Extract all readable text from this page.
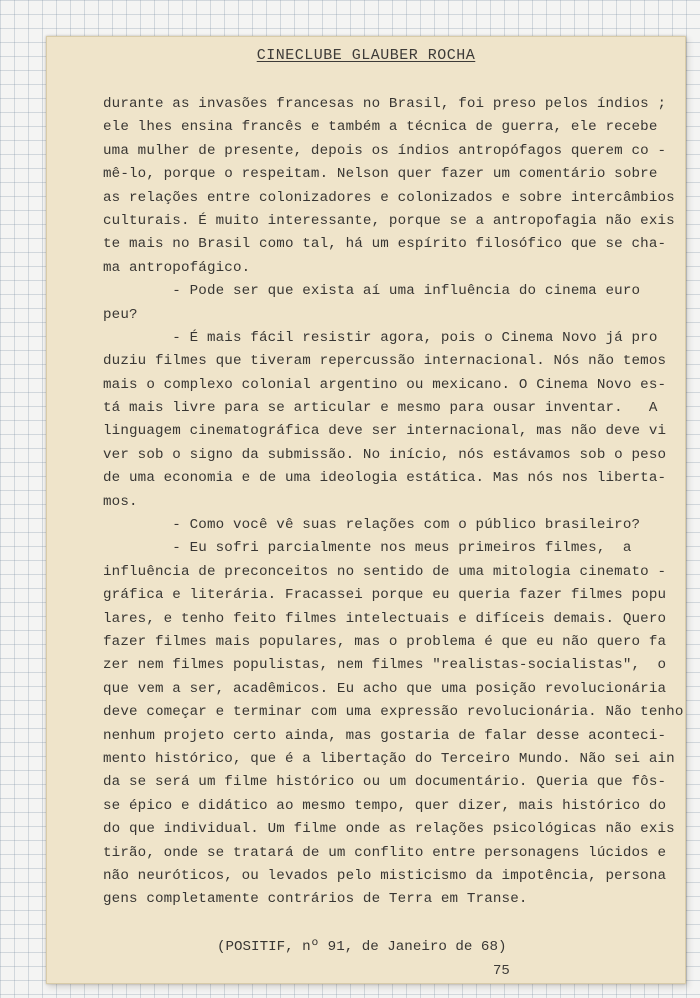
CINECLUBE GLAUBER ROCHA
durante as invasões francesas no Brasil, foi preso pelos índios ;
ele lhes ensina francês e também a técnica de guerra, ele recebe
uma mulher de presente, depois os índios antropófagos querem co -
mê-lo, porque o respeitam. Nelson quer fazer um comentário sobre
as relações entre colonizadores e colonizados e sobre intercâmbios
culturais. É muito interessante, porque se a antropofagia não exis
te mais no Brasil como tal, há um espírito filosófico que se cha-
ma antropofágico.
- Pode ser que exista aí uma influência do cinema euro
peu?
- É mais fácil resistir agora, pois o Cinema Novo já pro
duziu filmes que tiveram repercussão internacional. Nós não temos
mais o complexo colonial argentino ou mexicano. O Cinema Novo es-
tá mais livre para se articular e mesmo para ousar inventar.   A
linguagem cinematográfica deve ser internacional, mas não deve vi
ver sob o signo da submissão. No início, nós estávamos sob o peso
de uma economia e de uma ideologia estática. Mas nós nos liberta-
mos.
- Como você vê suas relações com o público brasileiro?
- Eu sofri parcialmente nos meus primeiros filmes,  a
influência de preconceitos no sentido de uma mitologia cinemato -
gráfica e literária. Fracassei porque eu queria fazer filmes popu
lares, e tenho feito filmes intelectuais e difíceis demais. Quero
fazer filmes mais populares, mas o problema é que eu não quero fa
zer nem filmes populistas, nem filmes "realistas-socialistas",  o
que vem a ser, acadêmicos. Eu acho que uma posição revolucionária
deve começar e terminar com uma expressão revolucionária. Não tenho
nenhum projeto certo ainda, mas gostaria de falar desse aconteci-
mento histórico, que é a libertação do Terceiro Mundo. Não sei ain
da se será um filme histórico ou um documentário. Queria que fôs-
se épico e didático ao mesmo tempo, quer dizer, mais histórico do
do que individual. Um filme onde as relações psicológicas não exis
tirão, onde se tratará de um conflito entre personagens lúcidos e
não neuróticos, ou levados pelo misticismo da impotência, persona
gens completamente contrários de Terra em Transe.
(POSITIF, nº 91, de Janeiro de 68)
75
